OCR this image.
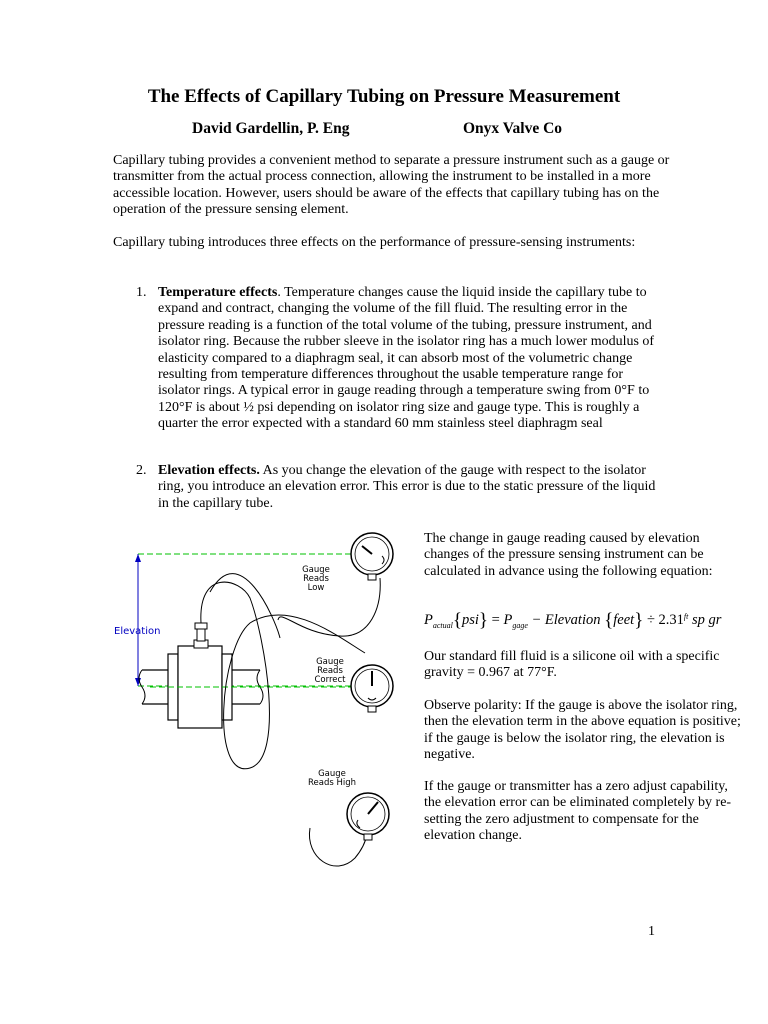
The Effects of Capillary Tubing on Pressure Measurement
David Gardellin, P. Eng	Onyx Valve Co
Capillary tubing provides a convenient method to separate a pressure instrument such as a gauge or transmitter from the actual process connection, allowing the instrument to be installed in a more accessible location. However, users should be aware of the effects that capillary tubing has on the operation of the pressure sensing element.
Capillary tubing introduces three effects on the performance of pressure-sensing instruments:
1. Temperature effects. Temperature changes cause the liquid inside the capillary tube to expand and contract, changing the volume of the fill fluid. The resulting error in the pressure reading is a function of the total volume of the tubing, pressure instrument, and isolator ring. Because the rubber sleeve in the isolator ring has a much lower modulus of elasticity compared to a diaphragm seal, it can absorb most of the volumetric change resulting from temperature differences throughout the usable temperature range for isolator rings. A typical error in gauge reading through a temperature swing from 0°F to 120°F is about ½ psi depending on isolator ring size and gauge type. This is roughly a quarter the error expected with a standard 60 mm stainless steel diaphragm seal
2. Elevation effects. As you change the elevation of the gauge with respect to the isolator ring, you introduce an elevation error. This error is due to the static pressure of the liquid in the capillary tube.
Elevation
Gauge
Reads
Low
Gauge
Reads
Correct
Gauge
Reads High
The change in gauge reading caused by elevation changes of the pressure sensing instrument can be calculated in advance using the following equation:
$P_{actual}\{psi\} = P_{gage}$ − Elevation {feet} ÷ $2.31^{ft}$ sp gr
Our standard fill fluid is a silicone oil with a specific gravity = 0.967 at 77°F.
Observe polarity: If the gauge is above the isolator ring, then the elevation term in the above equation is positive; if the gauge is below the isolator ring, the elevation is negative.
If the gauge or transmitter has a zero adjust capability, the elevation error can be eliminated completely by re-setting the zero adjustment to compensate for the elevation change.
1
